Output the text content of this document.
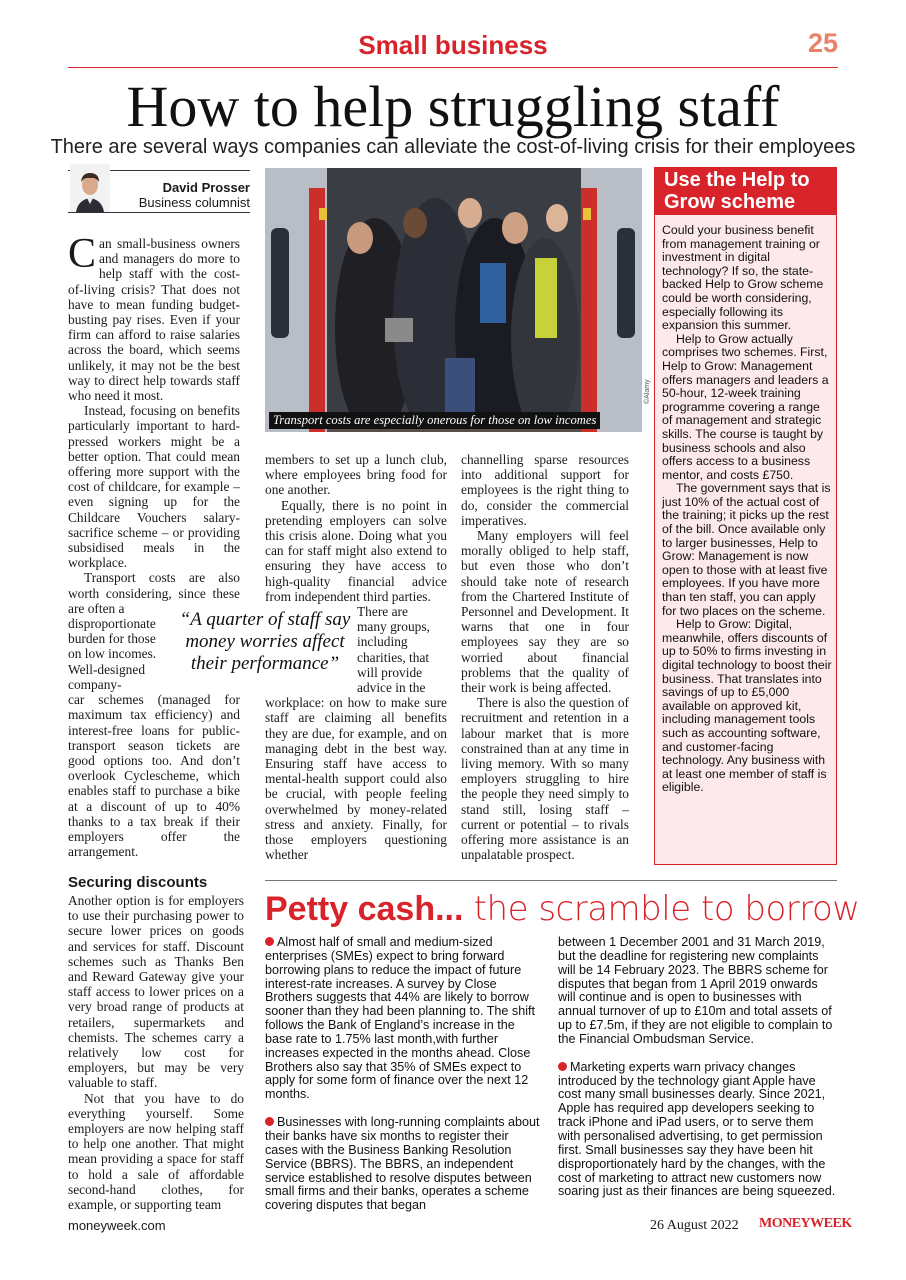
Small business	25
How to help struggling staff
There are several ways companies can alleviate the cost-of-living crisis for their employees
David Prosser
Business columnist

Can small-business owners and managers do more to help staff with the cost-of-living crisis? That does not have to mean funding budget-busting pay rises. Even if your firm can afford to raise salaries across the board, which seems unlikely, it may not be the best way to direct help towards staff who need it most.

Instead, focusing on benefits particularly important to hard-pressed workers might be a better option. That could mean offering more support with the cost of childcare, for example – even signing up for the Childcare Vouchers salary-sacrifice scheme – or providing subsidised meals in the workplace.

Transport costs are also worth considering, since these are often a

disproportionate
burden for those
on low incomes.
Well-designed
company-

car schemes (managed for maximum tax efficiency) and interest-free loans for public-transport season tickets are good options too. And don’t overlook Cyclescheme, which enables staff to purchase a bike at a discount of up to 40% thanks to a tax break if their employers offer the arrangement.

Transport costs are especially onerous for those on low incomes
©Alamy
“A quarter of staff say money worries affect their performance”

members to set up a lunch club, where employees bring food for one another.

Equally, there is no point in pretending employers can solve this crisis alone. Doing what you can for staff might also extend to ensuring they have access to high-quality financial advice from independent third parties.

There are
many groups,
including
charities, that
will provide
advice in the

workplace: on how to make sure staff are claiming all benefits they are due, for example, and on managing debt in the best way. Ensuring staff have access to mental-health support could also be crucial, with people feeling overwhelmed by money-related stress and anxiety. Finally, for those employers questioning whether

channelling sparse resources into additional support for employees is the right thing to do, consider the commercial imperatives.

Many employers will feel morally obliged to help staff, but even those who don’t should take note of research from the Chartered Institute of Personnel and Development. It warns that one in four employees say they are so worried about financial problems that the quality of their work is being affected.

There is also the question of recruitment and retention in a labour market that is more constrained than at any time in living memory. With so many employers struggling to hire the people they need simply to stand still, losing staff – current or potential – to rivals offering more assistance is an unpalatable prospect.

Use the Help to Grow scheme

Could your business benefit from management training or investment in digital technology? If so, the state-backed Help to Grow scheme could be worth considering, especially following its expansion this summer.

Help to Grow actually comprises two schemes. First, Help to Grow: Management offers managers and leaders a 50-hour, 12-week training programme covering a range of management and strategic skills. The course is taught by business schools and also offers access to a business mentor, and costs £750.

The government says that is just 10% of the actual cost of the training; it picks up the rest of the bill. Once available only to larger businesses, Help to Grow: Management is now open to those with at least five employees. If you have more than ten staff, you can apply for two places on the scheme.

Help to Grow: Digital, meanwhile, offers discounts of up to 50% to firms investing in digital technology to boost their business. That translates into savings of up to £5,000 available on approved kit, including management tools such as accounting software, and customer-facing technology. Any business with at least one member of staff is eligible.

Securing discounts

Another option is for employers to use their purchasing power to secure lower prices on goods and services for staff. Discount schemes such as Thanks Ben and Reward Gateway give your staff access to lower prices on a very broad range of products at retailers, supermarkets and chemists. The schemes carry a relatively low cost for employers, but may be very valuable to staff.

Not that you have to do everything yourself. Some employers are now helping staff to help one another. That might mean providing a space for staff to hold a sale of affordable second-hand clothes, for example, or supporting team

Petty cash... the scramble to borrow

Almost half of small and medium-sized enterprises (SMEs) expect to bring forward borrowing plans to reduce the impact of future interest-rate increases. A survey by Close Brothers suggests that 44% are likely to borrow sooner than they had been planning to. The shift follows the Bank of England’s increase in the base rate to 1.75% last month,with further increases expected in the months ahead. Close Brothers also say that 35% of SMEs expect to apply for some form of finance over the next 12 months.

Businesses with long-running complaints about their banks have six months to register their cases with the Business Banking Resolution Service (BBRS). The BBRS, an independent service established to resolve disputes between small firms and their banks, operates a scheme covering disputes that began

between 1 December 2001 and 31 March 2019, but the deadline for registering new complaints will be 14 February 2023. The BBRS scheme for disputes that began from 1 April 2019 onwards will continue and is open to businesses with annual turnover of up to £10m and total assets of up to £7.5m, if they are not eligible to complain to the Financial Ombudsman Service.

Marketing experts warn privacy changes introduced by the technology giant Apple have cost many small businesses dearly. Since 2021, Apple has required app developers seeking to track iPhone and iPad users, or to serve them with personalised advertising, to get permission first. Small businesses say they have been hit disproportionately hard by the changes, with the cost of marketing to attract new customers now soaring just as their finances are being squeezed.

moneyweek.com	26 August 2022 MONEYWEEK
